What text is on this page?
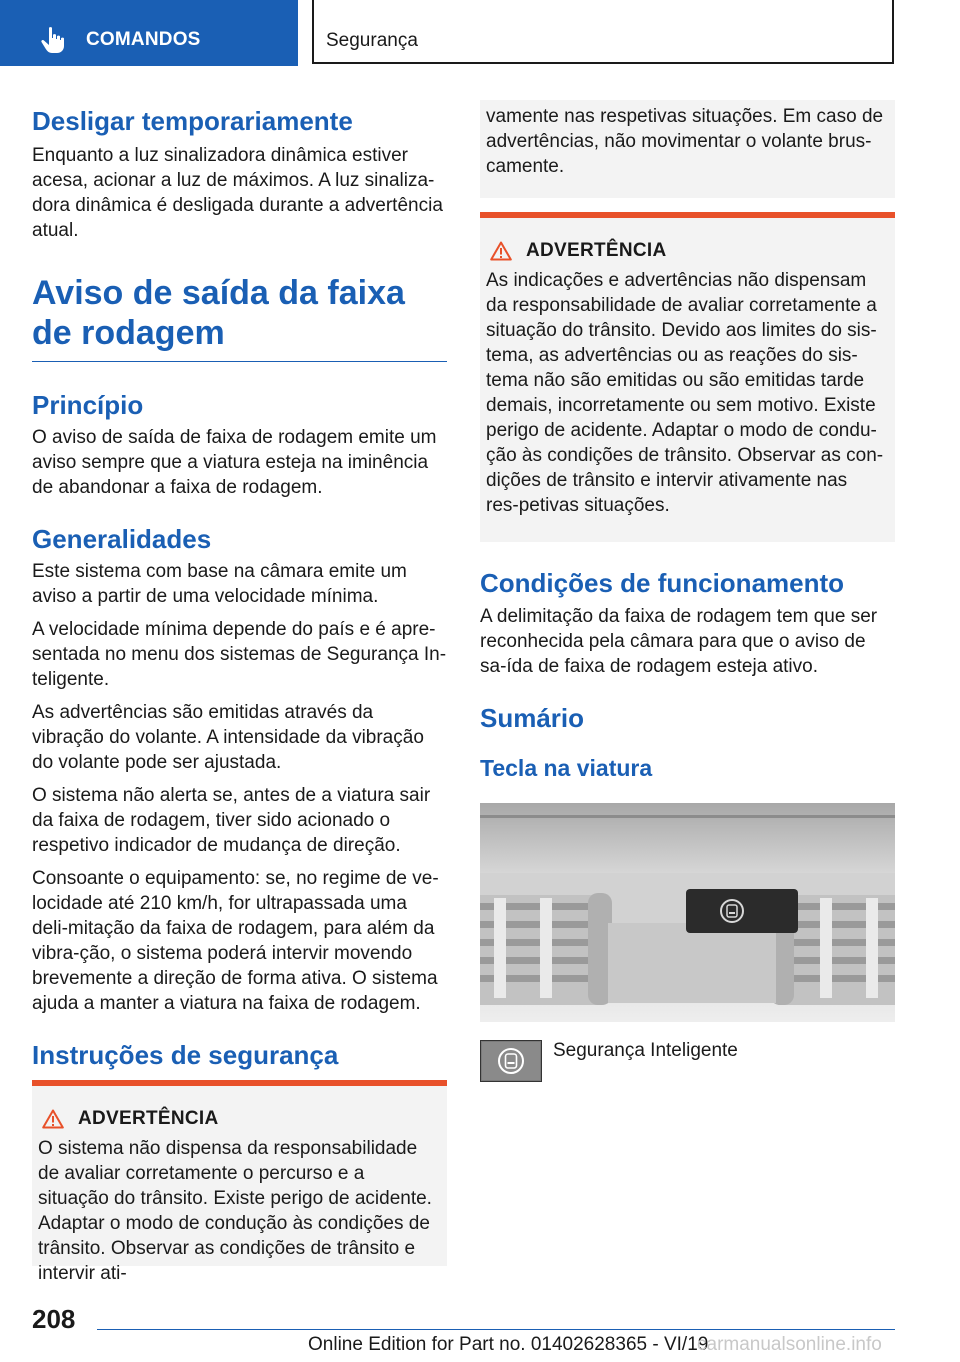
COMANDOS	Segurança
Desligar temporariamente

Enquanto a luz sinalizadora dinâmica estiver acesa, acionar a luz de máximos. A luz sinaliza-dora dinâmica é desligada durante a advertência atual.

Aviso de saída da faixa de rodagem
Princípio

O aviso de saída de faixa de rodagem emite um aviso sempre que a viatura esteja na iminência de abandonar a faixa de rodagem.

Generalidades

Este sistema com base na câmara emite um aviso a partir de uma velocidade mínima.

A velocidade mínima depende do país e é apre-sentada no menu dos sistemas de Segurança In-teligente.

As advertências são emitidas através da vibração do volante. A intensidade da vibração do volante pode ser ajustada.

O sistema não alerta se, antes de a viatura sair da faixa de rodagem, tiver sido acionado o respetivo indicador de mudança de direção.

Consoante o equipamento: se, no regime de ve-locidade até 210 km/h, for ultrapassada uma deli-mitação da faixa de rodagem, para além da vibra-ção, o sistema poderá intervir movendo brevemente a direção de forma ativa. O sistema ajuda a manter a viatura na faixa de rodagem.

Instruções de segurança
ADVERTÊNCIA

O sistema não dispensa da responsabilidade de avaliar corretamente o percurso e a situação do trânsito. Existe perigo de acidente. Adaptar o modo de condução às condições de trânsito. Observar as condições de trânsito e intervir ati-

vamente nas respetivas situações. Em caso de advertências, não movimentar o volante brus-camente.

ADVERTÊNCIA

As indicações e advertências não dispensam da responsabilidade de avaliar corretamente a situação do trânsito. Devido aos limites do sis-tema, as advertências ou as reações do sis-tema não são emitidas ou são emitidas tarde demais, incorretamente ou sem motivo. Existe perigo de acidente. Adaptar o modo de condu-ção às condições de trânsito. Observar as con-dições de trânsito e intervir ativamente nas res-petivas situações.

Condições de funcionamento

A delimitação da faixa de rodagem tem que ser reconhecida pela câmara para que o aviso de sa-ída de faixa de rodagem esteja ativo.

Sumário
Tecla na viatura
Segurança Inteligente
208
Online Edition for Part no. 01402628365 - VI/19
carmanualsonline.info
